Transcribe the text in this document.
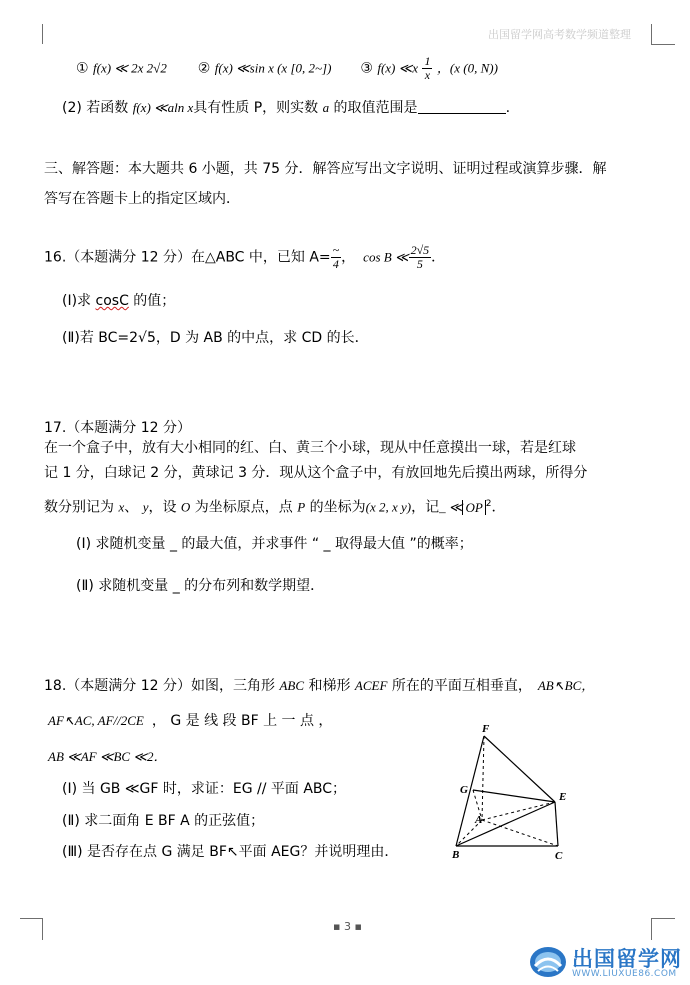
出国留学网高考数学频道整理
① f(x) ≪ 2x 2√2 ② f(x) ≪sin x (x [0, 2~]) ③ f(x) ≪x $\frac{1}{x}$ ，(x (0, N))
(2) 若函数 f(x) ≪aln x具有性质 P，则实数 a 的取值范围是	.
三、解答题：本大题共 6 小题，共 75 分．解答应写出文字说明、证明过程或演算步骤．解
答写在答题卡上的指定区域内．
16.（本题满分 12 分）在△ABC 中，已知 $A= \frac{\sim}{4}$ ， cos B ≪ $\frac{2√5}{5}$ ．
(I)求 cosC 的值；
(Ⅱ)若 BC=2√5，D 为 AB 的中点，求 CD 的长．
17.（本题满分 12 分）
在一个盒子中，放有大小相同的红、白、黄三个小球，现从中任意摸出一球，若是红球
记 1 分，白球记 2 分，黄球记 3 分．现从这个盒子中，有放回地先后摸出两球，所得分
数分别记为 x、 y，设 O 为坐标原点，点 P 的坐标为(x 2, x y)，记_ ≪ OP $^2$．
(I) 求随机变量 _ 的最大值，并求事件 “ _ 取得最大值 ”的概率；
(Ⅱ) 求随机变量 _ 的分布列和数学期望．
18.（本题满分 12 分）如图，三角形 ABC 和梯形 ACEF 所在的平面互相垂直， AB↖BC，
AF↖AC, AF//2CE ， G 是 线 段 BF 上 一 点 ，
AB ≪AF ≪BC ≪2．
(Ⅰ) 当 GB ≪GF 时，求证：EG // 平面 ABC；
(Ⅱ) 求二面角 E BF A 的正弦值；
(Ⅲ) 是否存在点 G 满足 BF↖平面 AEG？并说明理由．
F
G
A
E
B	C
▪ 3 ▪
出国留学网
WWW.LIUXUE86.COM
